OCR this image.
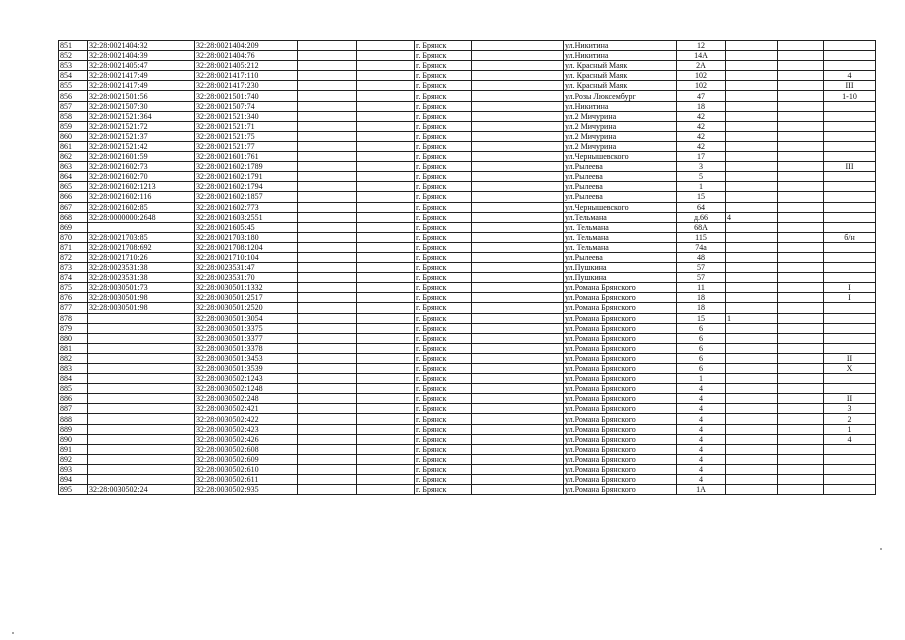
851	32:28:0021404:32	32:28:0021404:209			г. Брянск		ул.Никитина	12			
852	32:28:0021404:39	32:28:0021404:76			г. Брянск		ул.Никитина	14А			
853	32:28:0021405:47	32:28:0021405:212			г. Брянск		ул. Красный Маяк	2А			
854	32:28:0021417:49	32:28:0021417:110			г. Брянск		ул. Красный Маяк	102			4
855	32:28:0021417:49	32:28:0021417:230			г. Брянск		ул. Красный Маяк	102			III
856	32:28:0021501:56	32:28:0021501:740			г. Брянск		ул.Розы Люксембург	47			1-10
857	32:28:0021507:30	32:28:0021507:74			г. Брянск		ул.Никитина	18			
858	32:28:0021521:364	32:28:0021521:340			г. Брянск		ул.2 Мичурина	42			
859	32:28:0021521:72	32:28:0021521:71			г. Брянск		ул.2 Мичурина	42			
860	32:28:0021521:37	32:28:0021521:75			г. Брянск		ул.2 Мичурина	42			
861	32:28:0021521:42	32:28:0021521:77			г. Брянск		ул.2 Мичурина	42			
862	32:28:0021601:59	32:28:0021601:761			г. Брянск		ул.Чернышевского	17			
863	32:28:0021602:73	32:28:0021602:1789			г. Брянск		ул.Рылеева	3			III
864	32:28:0021602:70	32:28:0021602:1791			г. Брянск		ул.Рылеева	5			
865	32:28:0021602:1213	32:28:0021602:1794			г. Брянск		ул.Рылеева	1			
866	32:28:0021602:116	32:28:0021602:1857			г. Брянск		ул.Рылеева	15			
867	32:28:0021602:85	32:28:0021602:773			г. Брянск		ул.Чернышевского	64			
868	32:28:0000000:2648	32:28:0021603:2551			г. Брянск		ул.Тельмана	д.66	4		
869		32:28:0021605:45			г. Брянск		ул. Тельмана	68А			
870	32:28:0021703:85	32:28:0021703:180			г. Брянск		ул. Тельмана	115			б/н
871	32:28:0021708:692	32:28:0021708:1204			г. Брянск		ул. Тельмана	74а			
872	32:28:0021710:26	32:28:0021710:104			г. Брянск		ул.Рылеева	48			
873	32:28:0023531:38	32:28:0023531:47			г. Брянск		ул.Пушкина	57			
874	32:28:0023531:38	32:28:0023531:70			г. Брянск		ул.Пушкина	57			
875	32:28:0030501:73	32:28:0030501:1332			г. Брянск		ул.Романа Брянского	11			I
876	32:28:0030501:98	32:28:0030501:2517			г. Брянск		ул.Романа Брянского	18			I
877	32:28:0030501:98	32:28:0030501:2520			г. Брянск		ул.Романа Брянского	18			
878		32:28:0030501:3054			г. Брянск		ул.Романа Брянского	15	1		
879		32:28:0030501:3375			г. Брянск		ул.Романа Брянского	6			
880		32:28:0030501:3377			г. Брянск		ул.Романа Брянского	6			
881		32:28:0030501:3378			г. Брянск		ул.Романа Брянского	6			
882		32:28:0030501:3453			г. Брянск		ул.Романа Брянского	6			II
883		32:28:0030501:3539			г. Брянск		ул.Романа Брянского	6			X
884		32:28:0030502:1243			г. Брянск		ул.Романа Брянского	1			
885		32:28:0030502:1248			г. Брянск		ул.Романа Брянского	4			
886		32:28:0030502:248			г. Брянск		ул.Романа Брянского	4			II
887		32:28:0030502:421			г. Брянск		ул.Романа Брянского	4			3
888		32:28:0030502:422			г. Брянск		ул.Романа Брянского	4			2
889		32:28:0030502:423			г. Брянск		ул.Романа Брянского	4			1
890		32:28:0030502:426			г. Брянск		ул.Романа Брянского	4			4
891		32:28:0030502:608			г. Брянск		ул.Романа Брянского	4			
892		32:28:0030502:609			г. Брянск		ул.Романа Брянского	4			
893		32:28:0030502:610			г. Брянск		ул.Романа Брянского	4			
894		32:28:0030502:611			г. Брянск		ул.Романа Брянского	4			
895	32:28:0030502:24	32:28:0030502:935			г. Брянск		ул.Романа Брянского	1А			
